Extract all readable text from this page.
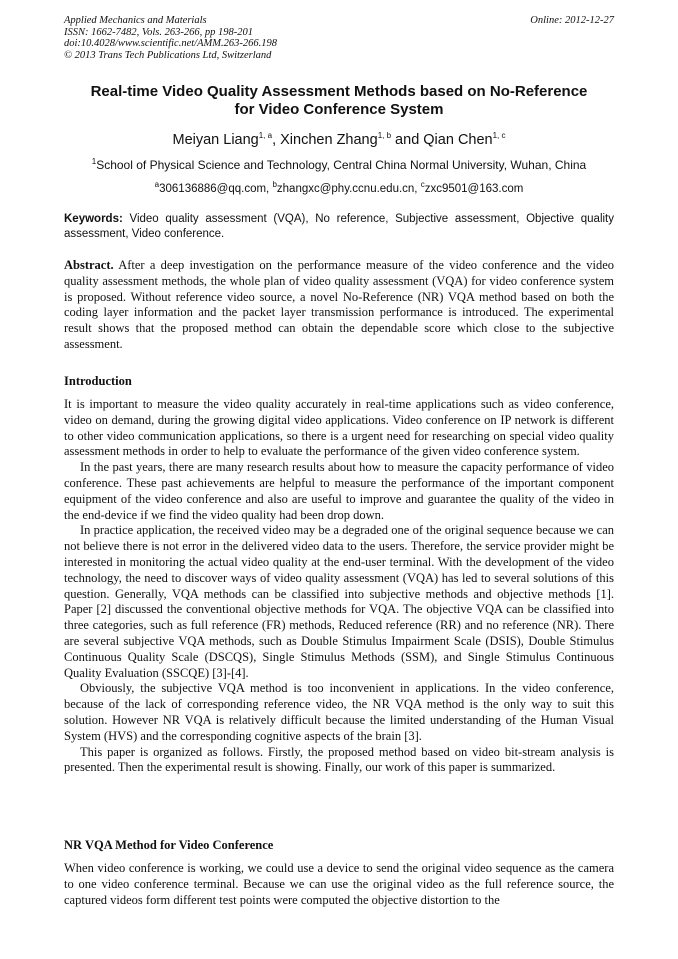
Applied Mechanics and Materials
ISSN: 1662-7482, Vols. 263-266, pp 198-201
doi:10.4028/www.scientific.net/AMM.263-266.198
© 2013 Trans Tech Publications Ltd, Switzerland
Online: 2012-12-27
Real-time Video Quality Assessment Methods based on No-Reference
for Video Conference System
Meiyan Liang$^{1, a}$, Xinchen Zhang$^{1, b}$ and Qian Chen$^{1, c}$
$^1$School of Physical Science and Technology, Central China Normal University, Wuhan, China
$^a$306136886@qq.com, $^b$zhangxc@phy.ccnu.edu.cn, $^c$zxc9501@163.com
Keywords: Video quality assessment (VQA), No reference, Subjective assessment, Objective quality assessment, Video conference.
Abstract. After a deep investigation on the performance measure of the video conference and the video quality assessment methods, the whole plan of video quality assessment (VQA) for video conference system is proposed. Without reference video source, a novel No-Reference (NR) VQA method based on both the coding layer information and the packet layer transmission performance is introduced. The experimental result shows that the proposed method can obtain the dependable score which close to the subjective assessment.
Introduction

It is important to measure the video quality accurately in real-time applications such as video conference, video on demand, during the growing digital video applications. Video conference on IP network is different to other video communication applications, so there is a urgent need for researching on special video quality assessment methods in order to help to evaluate the performance of the given video conference system.

In the past years, there are many research results about how to measure the capacity performance of video conference. These past achievements are helpful to measure the performance of the important component equipment of the video conference and also are useful to improve and guarantee the quality of the video in the end-device if we find the video quality had been drop down.

In practice application, the received video may be a degraded one of the original sequence because we can not believe there is not error in the delivered video data to the users. Therefore, the service provider might be interested in monitoring the actual video quality at the end-user terminal. With the development of the video technology, the need to discover ways of video quality assessment (VQA) has led to several solutions of this question. Generally, VQA methods can be classified into subjective methods and objective methods [1]. Paper [2] discussed the conventional objective methods for VQA. The objective VQA can be classified into three categories, such as full reference (FR) methods, Reduced reference (RR) and no reference (NR). There are several subjective VQA methods, such as Double Stimulus Impairment Scale (DSIS), Double Stimulus Continuous Quality Scale (DSCQS), Single Stimulus Methods (SSM), and Single Stimulus Continuous Quality Evaluation (SSCQE) [3]-[4].

Obviously, the subjective VQA method is too inconvenient in applications. In the video conference, because of the lack of corresponding reference video, the NR VQA method is the only way to suit this solution. However NR VQA is relatively difficult because the limited understanding of the Human Visual System (HVS) and the corresponding cognitive aspects of the brain [3].

This paper is organized as follows. Firstly, the proposed method based on video bit-stream analysis is presented. Then the experimental result is showing. Finally, our work of this paper is summarized.

NR VQA Method for Video Conference

When video conference is working, we could use a device to send the original video sequence as the camera to one video conference terminal. Because we can use the original video as the full reference source, the captured videos form different test points were computed the objective distortion to the
